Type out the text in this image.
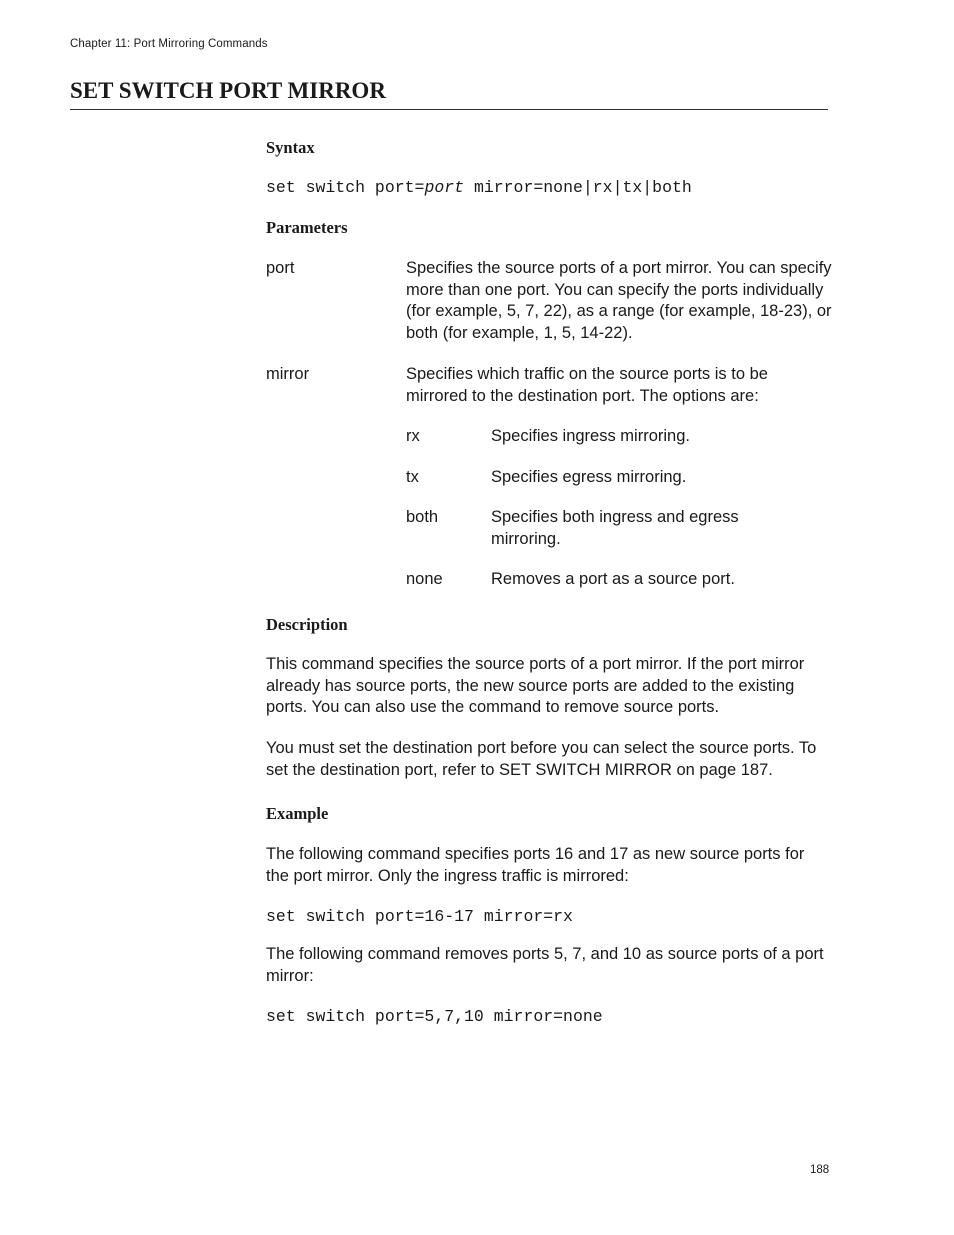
Chapter 11: Port Mirroring Commands
SET SWITCH PORT MIRROR
Syntax
set switch port=port mirror=none|rx|tx|both
Parameters
port	Specifies the source ports of a port mirror. You can specify more than one port. You can specify the ports individually (for example, 5, 7, 22), as a range (for example, 18-23), or both (for example, 1, 5, 14-22).
mirror	Specifies which traffic on the source ports is to be mirrored to the destination port. The options are:
rx	Specifies ingress mirroring.
tx	Specifies egress mirroring.
both	Specifies both ingress and egress mirroring.
none	Removes a port as a source port.
Description
This command specifies the source ports of a port mirror. If the port mirror already has source ports, the new source ports are added to the existing ports. You can also use the command to remove source ports.
You must set the destination port before you can select the source ports. To set the destination port, refer to SET SWITCH MIRROR on page 187.
Example
The following command specifies ports 16 and 17 as new source ports for the port mirror. Only the ingress traffic is mirrored:
set switch port=16-17 mirror=rx
The following command removes ports 5, 7, and 10 as source ports of a port mirror:
set switch port=5,7,10 mirror=none
188
